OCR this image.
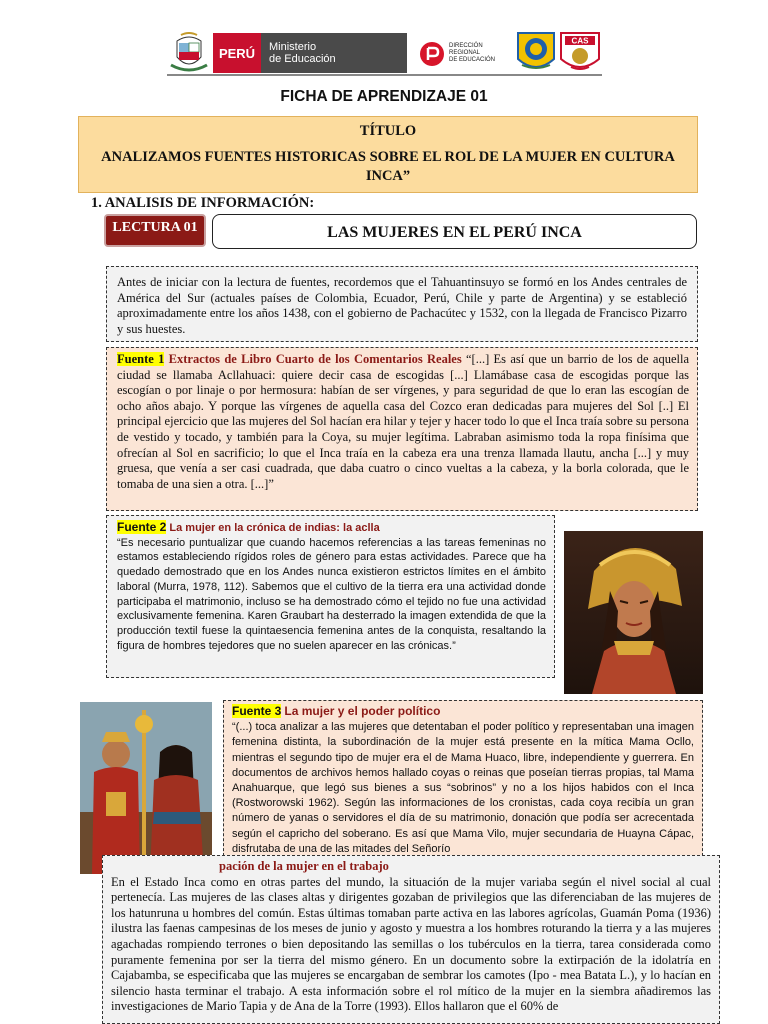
PERÚ	Ministerio
de Educación
DIRECCIÓN
REGIONAL
DE EDUCACIÓN
CAS
FICHA DE APRENDIZAJE 01
TÍTULO
ANALIZAMOS FUENTES HISTORICAS SOBRE EL ROL DE LA MUJER EN CULTURA INCA”
1. ANALISIS DE INFORMACIÓN:
LECTURA 01	LAS MUJERES EN EL PERÚ INCA
Antes de iniciar con la lectura de fuentes, recordemos que el Tahuantinsuyo se formó en los Andes centrales de América del Sur (actuales países de Colombia, Ecuador, Perú, Chile y parte de Argentina) y se estableció aproximadamente entre los años 1438, con el gobierno de Pachacútec y 1532, con la llegada de Francisco Pizarro y sus huestes.
Fuente 1 Extractos de Libro Cuarto de los Comentarios Reales “[...] Es así que un barrio de los de aquella ciudad se llamaba Acllahuaci: quiere decir casa de escogidas [...] Llamábase casa de escogidas porque las escogían o por linaje o por hermosura: habían de ser vírgenes, y para seguridad de que lo eran las escogían de ocho años abajo. Y porque las vírgenes de aquella casa del Cozco eran dedicadas para mujeres del Sol [..] El principal ejercicio que las mujeres del Sol hacían era hilar y tejer y hacer todo lo que el Inca traía sobre su persona de vestido y tocado, y también para la Coya, su mujer legítima. Labraban asimismo toda la ropa finísima que ofrecían al Sol en sacrificio; lo que el Inca traía en la cabeza era una trenza llamada llautu, ancha [...] y muy gruesa, que venía a ser casi cuadrada, que daba cuatro o cinco vueltas a la cabeza, y la borla colorada, que le tomaba de una sien a otra. [...]”
Fuente 2 La mujer en la crónica de indias: la aclla
“Es necesario puntualizar que cuando hacemos referencias a las tareas femeninas no estamos estableciendo rígidos roles de género para estas actividades. Parece que ha quedado demostrado que en los Andes nunca existieron estrictos límites en el ámbito laboral (Murra, 1978, 112). Sabemos que el cultivo de la tierra era una actividad donde participaba el matrimonio, incluso se ha demostrado cómo el tejido no fue una actividad exclusivamente femenina. Karen Graubart ha desterrado la imagen extendida de que la producción textil fuese la quintaesencia femenina antes de la conquista, resaltando la figura de hombres tejedores que no suelen aparecer en las crónicas.”
Fuente 3 La mujer y el poder político
“(...) toca analizar a las mujeres que detentaban el poder político y representaban una imagen femenina distinta, la subordinación de la mujer está presente en la mítica Mama Ocllo, mientras el segundo tipo de mujer era el de Mama Huaco, libre, independiente y guerrera. En documentos de archivos hemos hallado coyas o reinas que poseían tierras propias, tal Mama Anahuarque, que legó sus bienes a sus “sobrinos” y no a los hijos habidos con el Inca (Rostworowski 1962). Según las informaciones de los cronistas, cada coya recibía un gran número de yanas o servidores el día de su matrimonio, donación que podía ser acrecentada según el capricho del soberano. Es así que Mama Vilo, mujer secundaria de Huayna Cápac, disfrutaba de una de las mitades del Señorío
pación de la mujer en el trabajo
En el Estado Inca como en otras partes del mundo, la situación de la mujer variaba según el nivel social al cual pertenecía. Las mujeres de las clases altas y dirigentes gozaban de privilegios que las diferenciaban de las mujeres de los hatunruna u hombres del común. Estas últimas tomaban parte activa en las labores agrícolas, Guamán Poma (1936) ilustra las faenas campesinas de los meses de junio y agosto y muestra a los hombres roturando la tierra y a las mujeres agachadas rompiendo terrones o bien depositando las semillas o los tubérculos en la tierra, tarea considerada como puramente femenina por ser la tierra del mismo género. En un documento sobre la extirpación de la idolatría en Cajabamba, se especificaba que las mujeres se encargaban de sembrar los camotes (Ipo - mea Batata L.), y lo hacían en silencio hasta terminar el trabajo. A esta información sobre el rol mítico de la mujer en la siembra añadiremos las investigaciones de Mario Tapia y de Ana de la Torre (1993). Ellos hallaron que el 60% de
